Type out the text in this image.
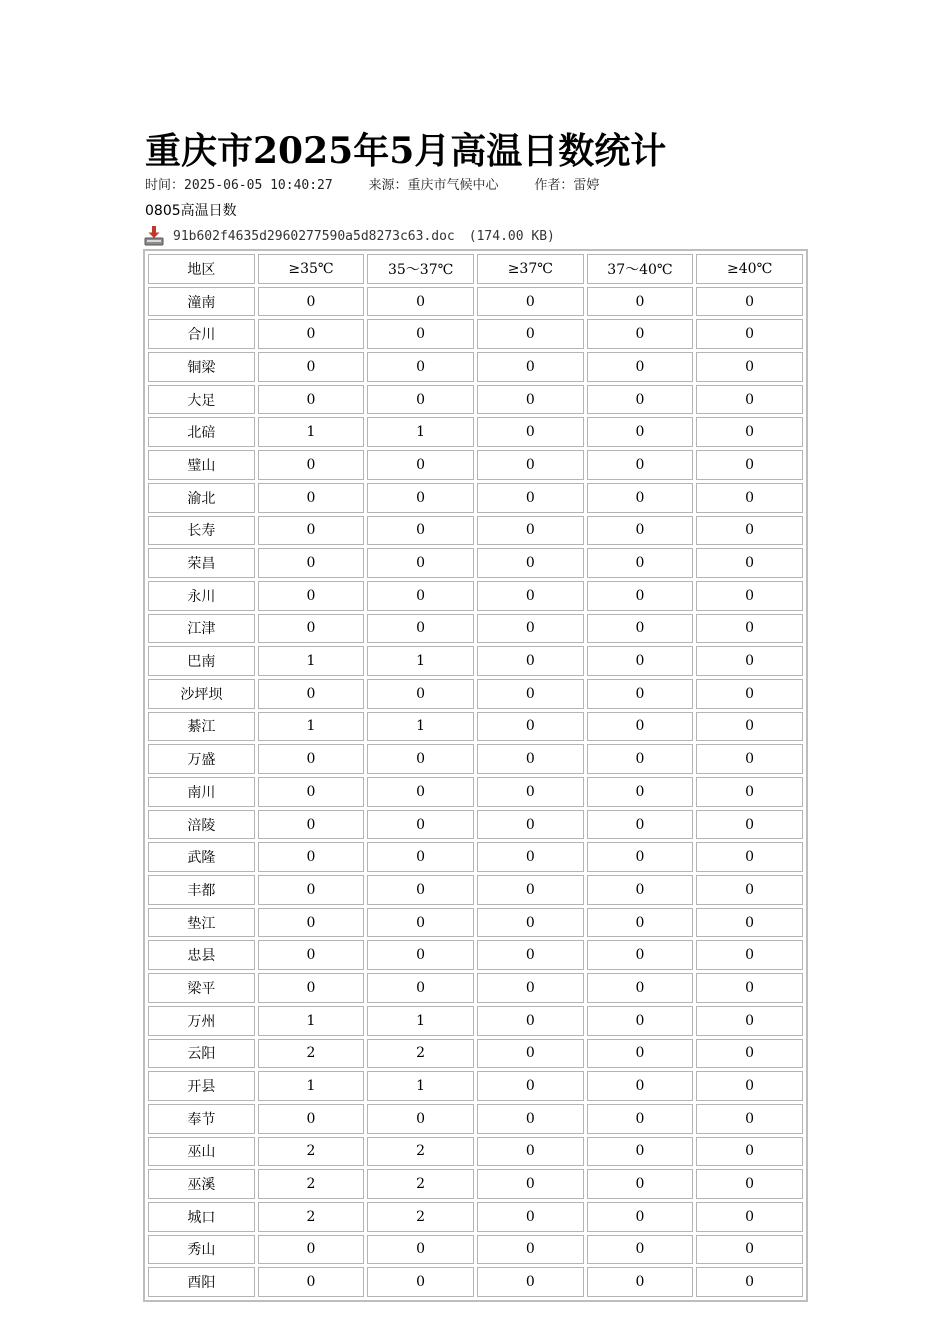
重庆市2025年5月高温日数统计
时间：2025-06-05 10:40:27	来源：重庆市气候中心	作者：雷婷
0805高温日数
91b602f4635d2960277590a5d8273c63.doc (174.00 KB)
地区	≥35℃	35～37℃	≥37℃	37～40℃	≥40℃
潼南	0	0	0	0	0
合川	0	0	0	0	0
铜梁	0	0	0	0	0
大足	0	0	0	0	0
北碚	1	1	0	0	0
璧山	0	0	0	0	0
渝北	0	0	0	0	0
长寿	0	0	0	0	0
荣昌	0	0	0	0	0
永川	0	0	0	0	0
江津	0	0	0	0	0
巴南	1	1	0	0	0
沙坪坝	0	0	0	0	0
綦江	1	1	0	0	0
万盛	0	0	0	0	0
南川	0	0	0	0	0
涪陵	0	0	0	0	0
武隆	0	0	0	0	0
丰都	0	0	0	0	0
垫江	0	0	0	0	0
忠县	0	0	0	0	0
梁平	0	0	0	0	0
万州	1	1	0	0	0
云阳	2	2	0	0	0
开县	1	1	0	0	0
奉节	0	0	0	0	0
巫山	2	2	0	0	0
巫溪	2	2	0	0	0
城口	2	2	0	0	0
秀山	0	0	0	0	0
酉阳	0	0	0	0	0
